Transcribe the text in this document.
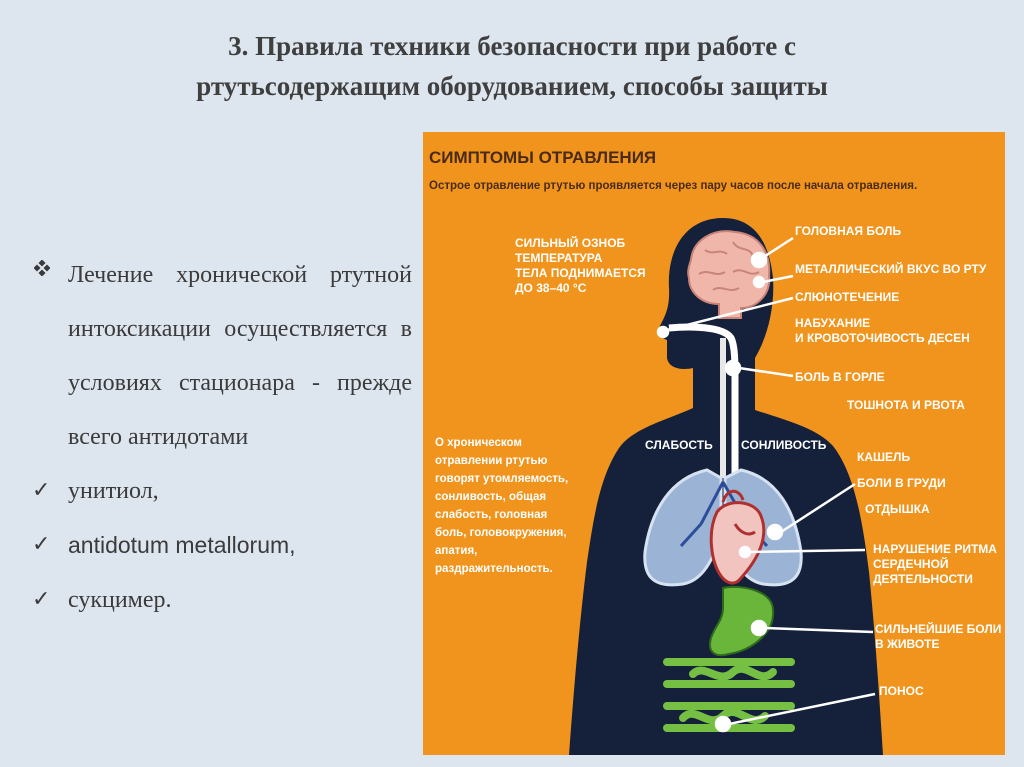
3. Правила техники безопасности при работе с
ртутьсодержащим оборудованием, способы защиты
Лечение хронической ртутной интоксикации осуществляется в условиях стационара - прежде всего антидотами
✓ унитиол,
✓ antidotum metallorum,
✓ сукцимер.
СИМПТОМЫ ОТРАВЛЕНИЯ
Острое отравление ртутью проявляется через пару часов после начала отравления.
СИЛЬНЫЙ ОЗНОБ
ТЕМПЕРАТУРА
ТЕЛА ПОДНИМАЕТСЯ
ДО 38–40 °С
СЛАБОСТЬ СОНЛИВОСТЬ
О хроническом
отравлении ртутью
говорят утомляемость,
сонливость, общая
слабость, головная
боль, головокружения,
апатия,
раздражительность.
ГОЛОВНАЯ БОЛЬ
МЕТАЛЛИЧЕСКИЙ ВКУС ВО РТУ
СЛЮНОТЕЧЕНИЕ
НАБУХАНИЕ
И КРОВОТОЧИВОСТЬ ДЕСЕН
БОЛЬ В ГОРЛЕ
ТОШНОТА И РВОТА
КАШЕЛЬ
БОЛИ В ГРУДИ
ОТДЫШКА
НАРУШЕНИЕ РИТМА
СЕРДЕЧНОЙ
ДЕЯТЕЛЬНОСТИ
СИЛЬНЕЙШИЕ БОЛИ
В ЖИВОТЕ
ПОНОС
